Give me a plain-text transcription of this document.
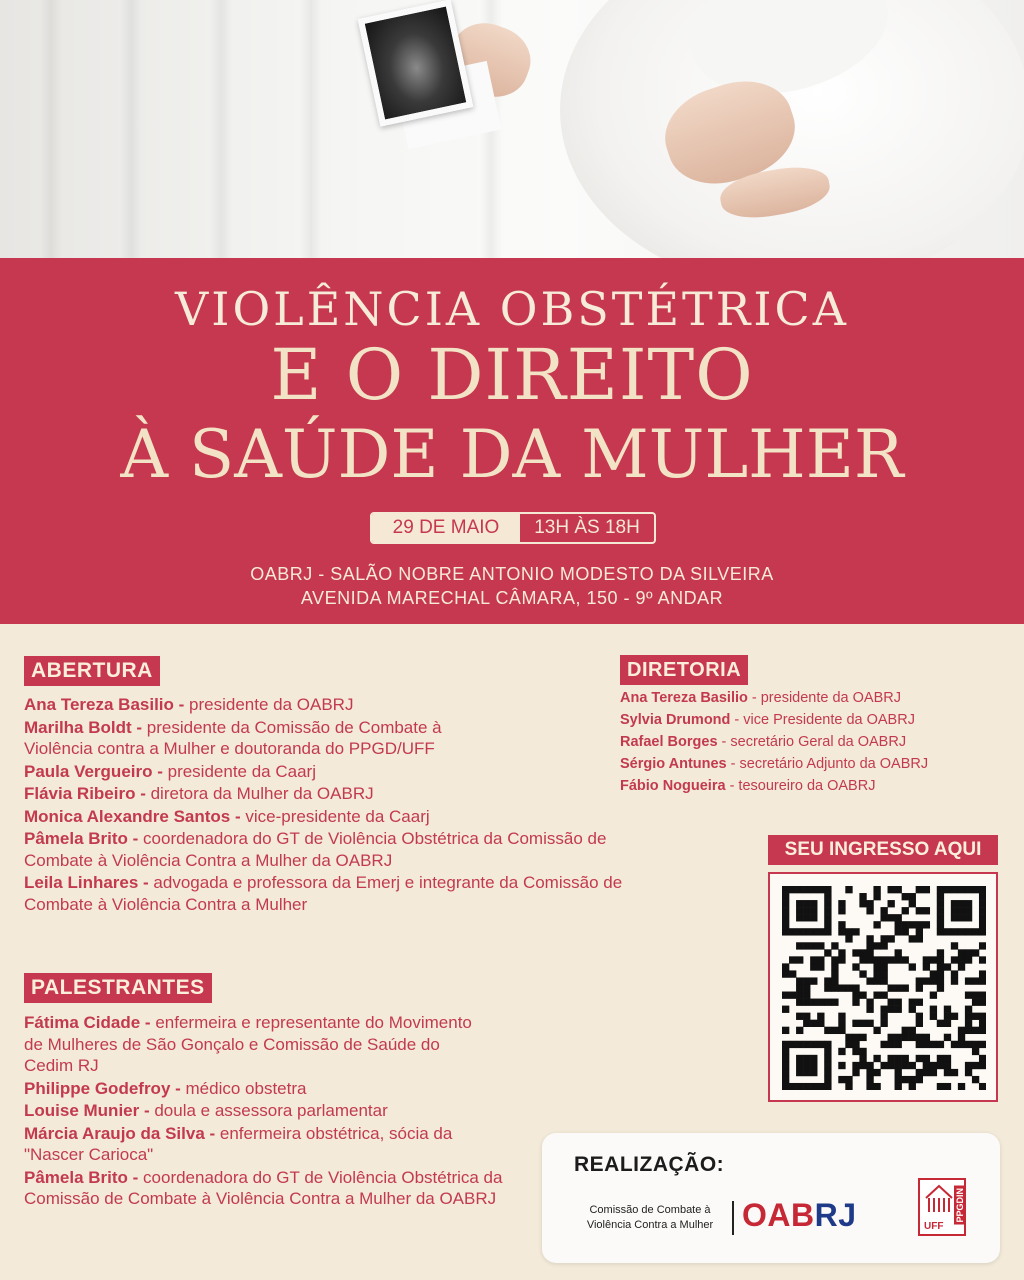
VIOLÊNCIA OBSTÉTRICA
E O DIREITO
À SAÚDE DA MULHER
29 DE MAIO	13H ÀS 18H
OABRJ - SALÃO NOBRE ANTONIO MODESTO DA SILVEIRA
AVENIDA MARECHAL CÂMARA, 150 - 9º ANDAR
ABERTURA
Ana Tereza Basilio - presidente da OABRJ
Marilha Boldt - presidente da Comissão de Combate à Violência contra a Mulher e doutoranda do PPGD/UFF
Paula Vergueiro - presidente da Caarj
Flávia Ribeiro - diretora da Mulher da OABRJ
Monica Alexandre Santos - vice-presidente da Caarj
Pâmela Brito - coordenadora do GT de Violência Obstétrica da Comissão de Combate à Violência Contra a Mulher da OABRJ
Leila Linhares - advogada e professora da Emerj e integrante da Comissão de Combate à Violência Contra a Mulher
PALESTRANTES
Fátima Cidade - enfermeira e representante do Movimento de Mulheres de São Gonçalo e Comissão de Saúde do Cedim RJ
Philippe Godefroy - médico obstetra
Louise Munier - doula e assessora parlamentar
Márcia Araujo da Silva - enfermeira obstétrica, sócia da "Nascer Carioca"
Pâmela Brito - coordenadora do GT de Violência Obstétrica da Comissão de Combate à Violência Contra a Mulher da OABRJ
DIRETORIA
Ana Tereza Basilio - presidente da OABRJ
Sylvia Drumond - vice Presidente da OABRJ
Rafael Borges - secretário Geral da OABRJ
Sérgio Antunes - secretário Adjunto da OABRJ
Fábio Nogueira - tesoureiro da OABRJ
SEU INGRESSO AQUI
REALIZAÇÃO:
Comissão de Combate à
Violência Contra a Mulher OABRJ	UFF
PPGDIN
